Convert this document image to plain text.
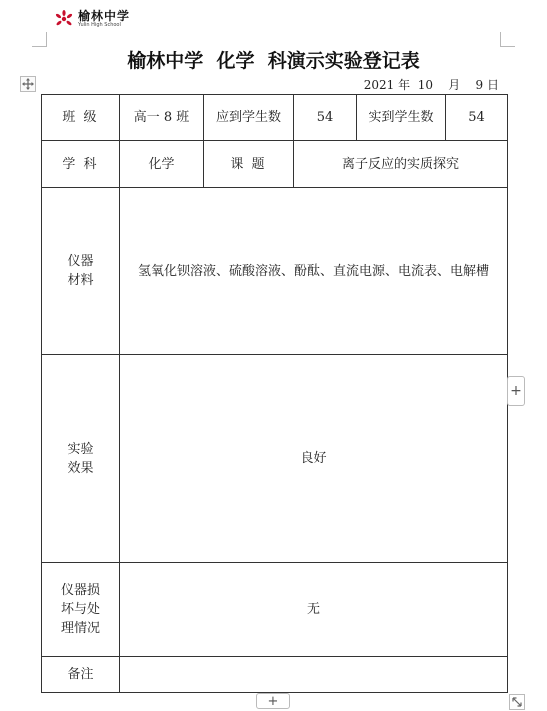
榆林中学
Yulin High School
榆林中学  化学  科演示实验登记表
2021 年  10    月    9 日
班 级	高一 8 班	应到学生数	54	实到学生数	54
学 科	化学	课 题	离子反应的实质探究		

仪器
材料	氢氧化钡溶液、硫酸溶液、酚酞、直流电源、电流表、电解槽				

实验
效果	良好				

仪器损
坏与处
理情况	无				
备注					
+
+
